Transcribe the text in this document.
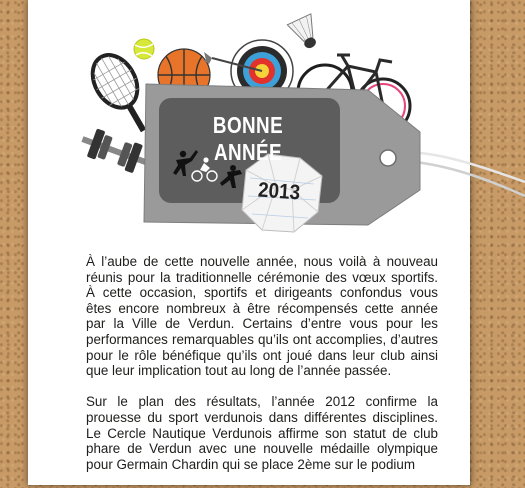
BONNE ANNÉE
2013

À l’aube de cette nouvelle année, nous voilà à nouveau réunis pour la traditionnelle cérémonie des vœux sportifs. À cette occasion, sportifs et dirigeants confondus vous êtes encore nombreux à être récompensés cette année par la Ville de Verdun. Certains d’entre vous pour les performances remarquables qu’ils ont accomplies, d’autres pour le rôle bénéfique qu’ils ont joué dans leur club ainsi que leur implication tout au long de l’année passée.

Sur le plan des résultats, l’année 2012 confirme la prouesse du sport verdunois dans différentes disciplines. Le Cercle Nautique Verdunois affirme son statut de club phare de Verdun avec une nouvelle médaille olympique pour Germain Chardin qui se place 2ème sur le podium
